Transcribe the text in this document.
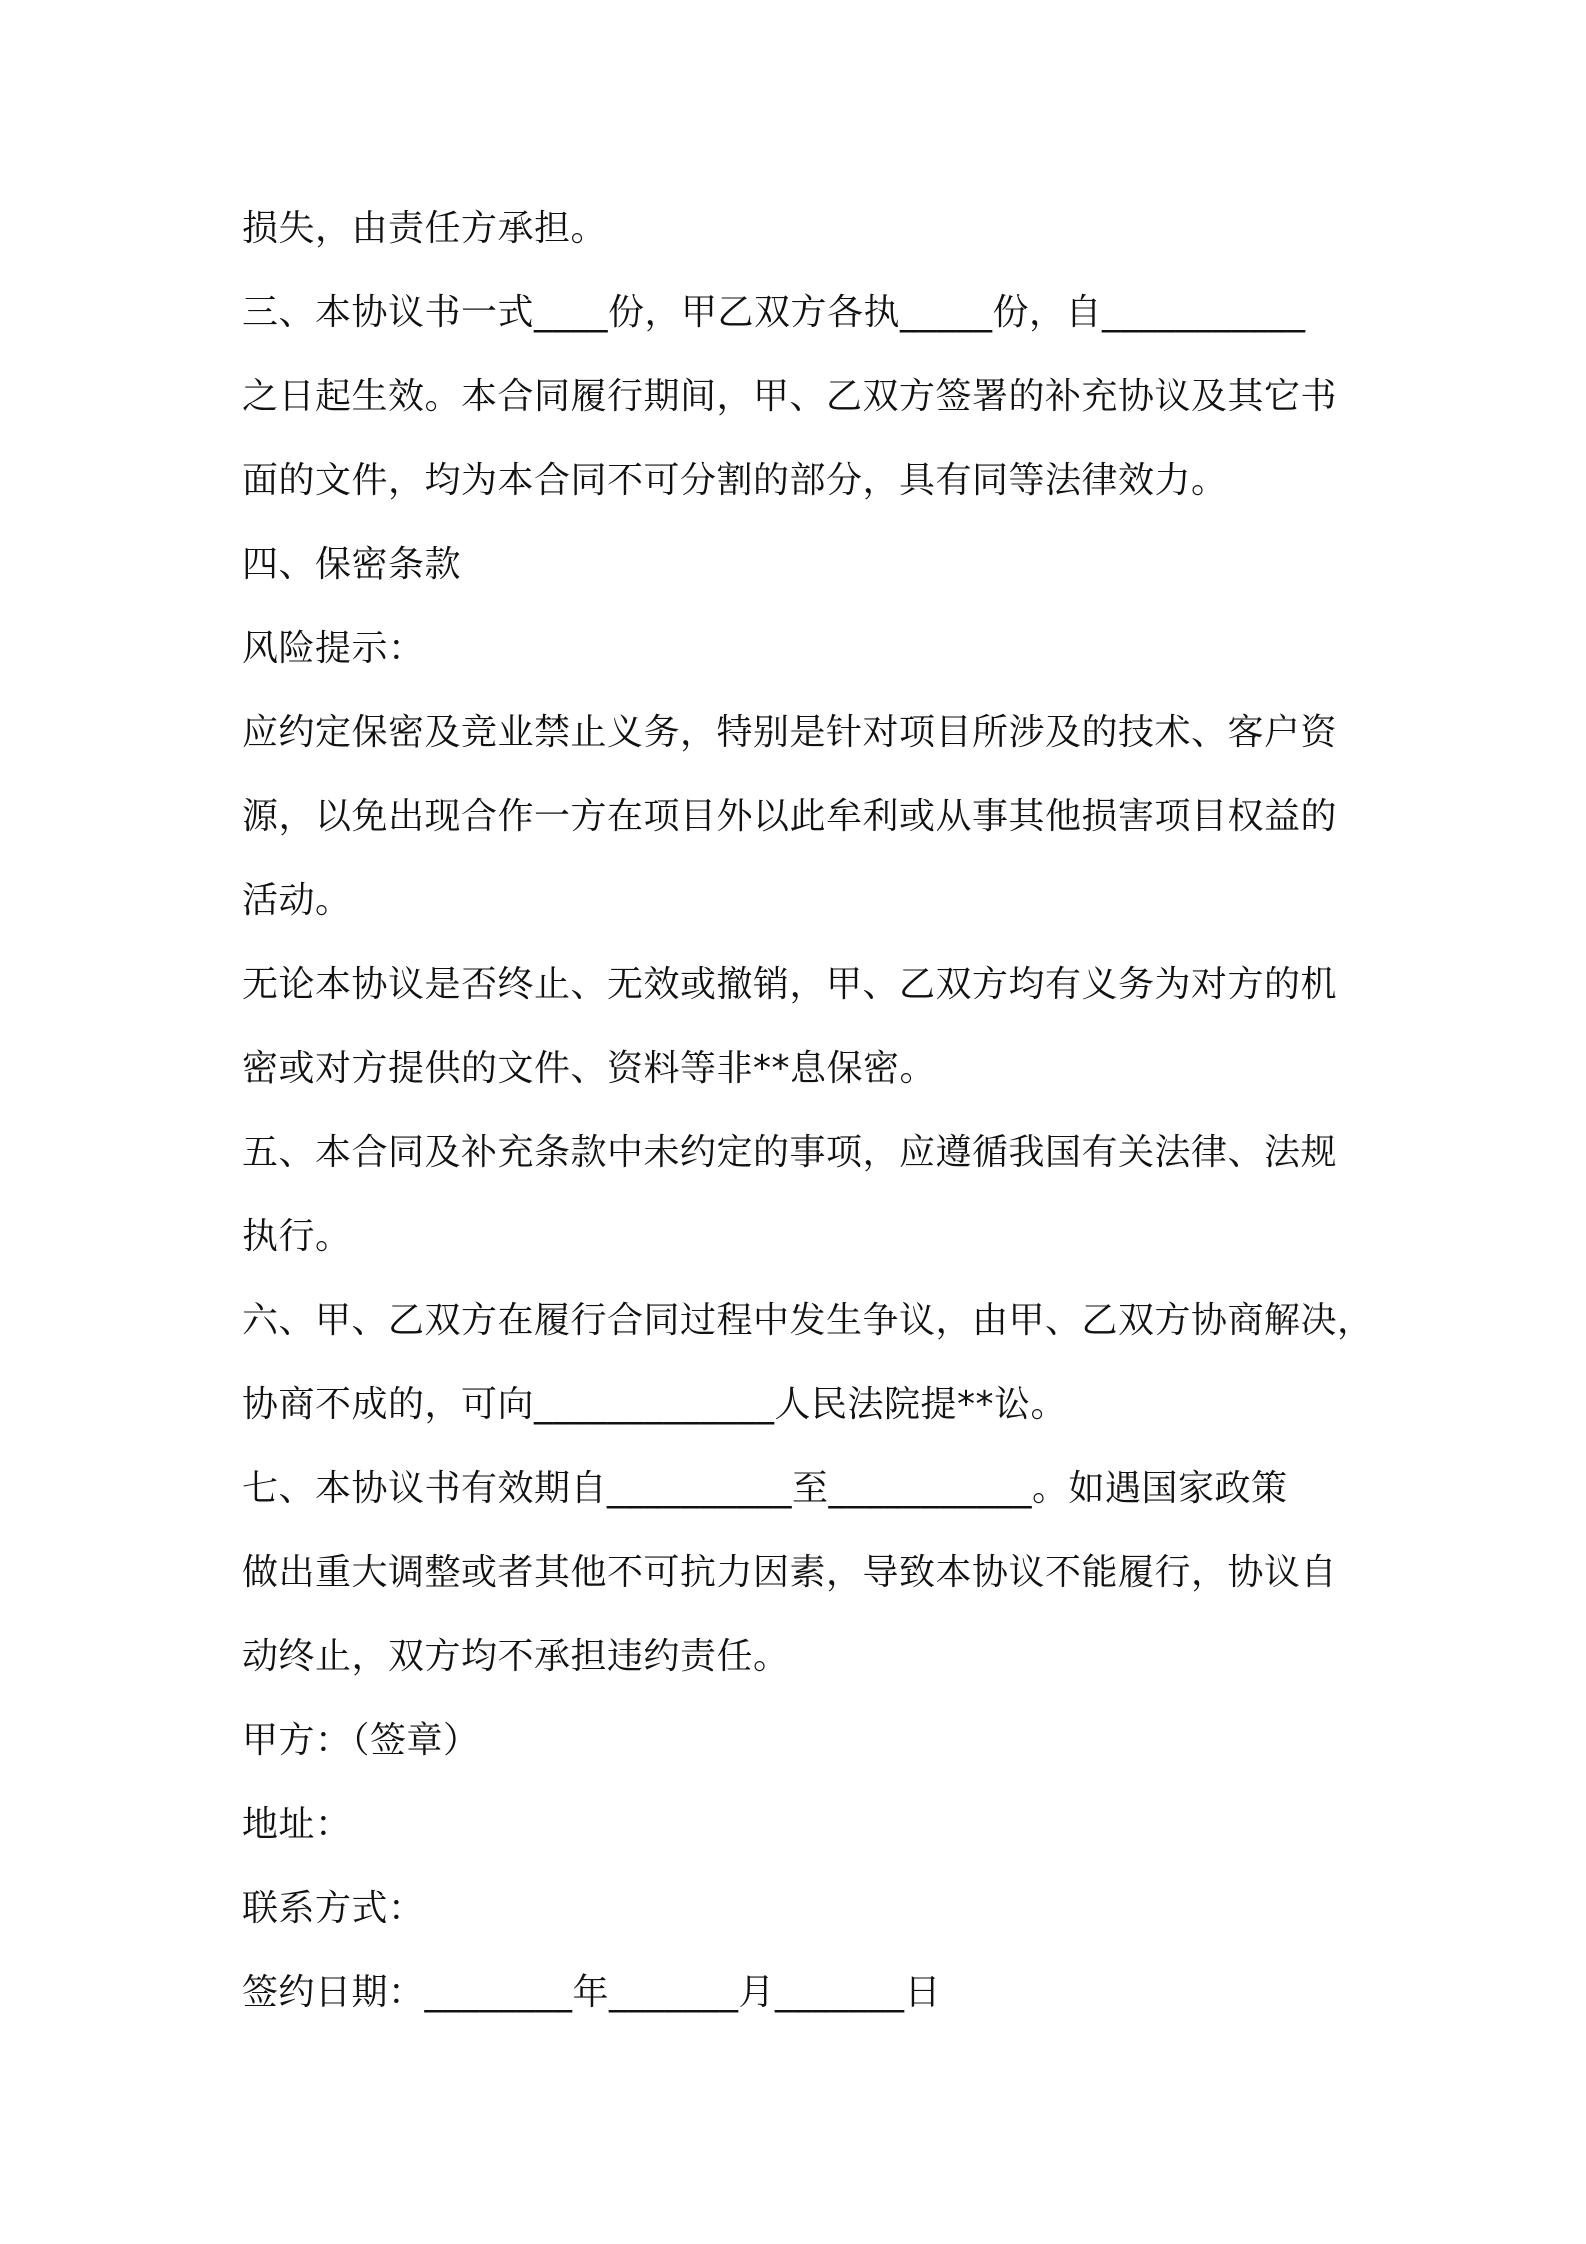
损失，由责任方承担。
三、本协议书一式____份，甲乙双方各执_____份，自___________
之日起生效。本合同履行期间，甲、乙双方签署的补充协议及其它书
面的文件，均为本合同不可分割的部分，具有同等法律效力。
四、保密条款
风险提示：
应约定保密及竞业禁止义务，特别是针对项目所涉及的技术、客户资
源，以免出现合作一方在项目外以此牟利或从事其他损害项目权益的
活动。
无论本协议是否终止、无效或撤销，甲、乙双方均有义务为对方的机
密或对方提供的文件、资料等非**息保密。
五、本合同及补充条款中未约定的事项，应遵循我国有关法律、法规
执行。
六、甲、乙双方在履行合同过程中发生争议，由甲、乙双方协商解决，
协商不成的，可向_____________人民法院提**讼。
七、本协议书有效期自__________至___________。如遇国家政策
做出重大调整或者其他不可抗力因素，导致本协议不能履行，协议自
动终止，双方均不承担违约责任。
甲方：（签章）
地址：
联系方式：
签约日期：________年_______月_______日
